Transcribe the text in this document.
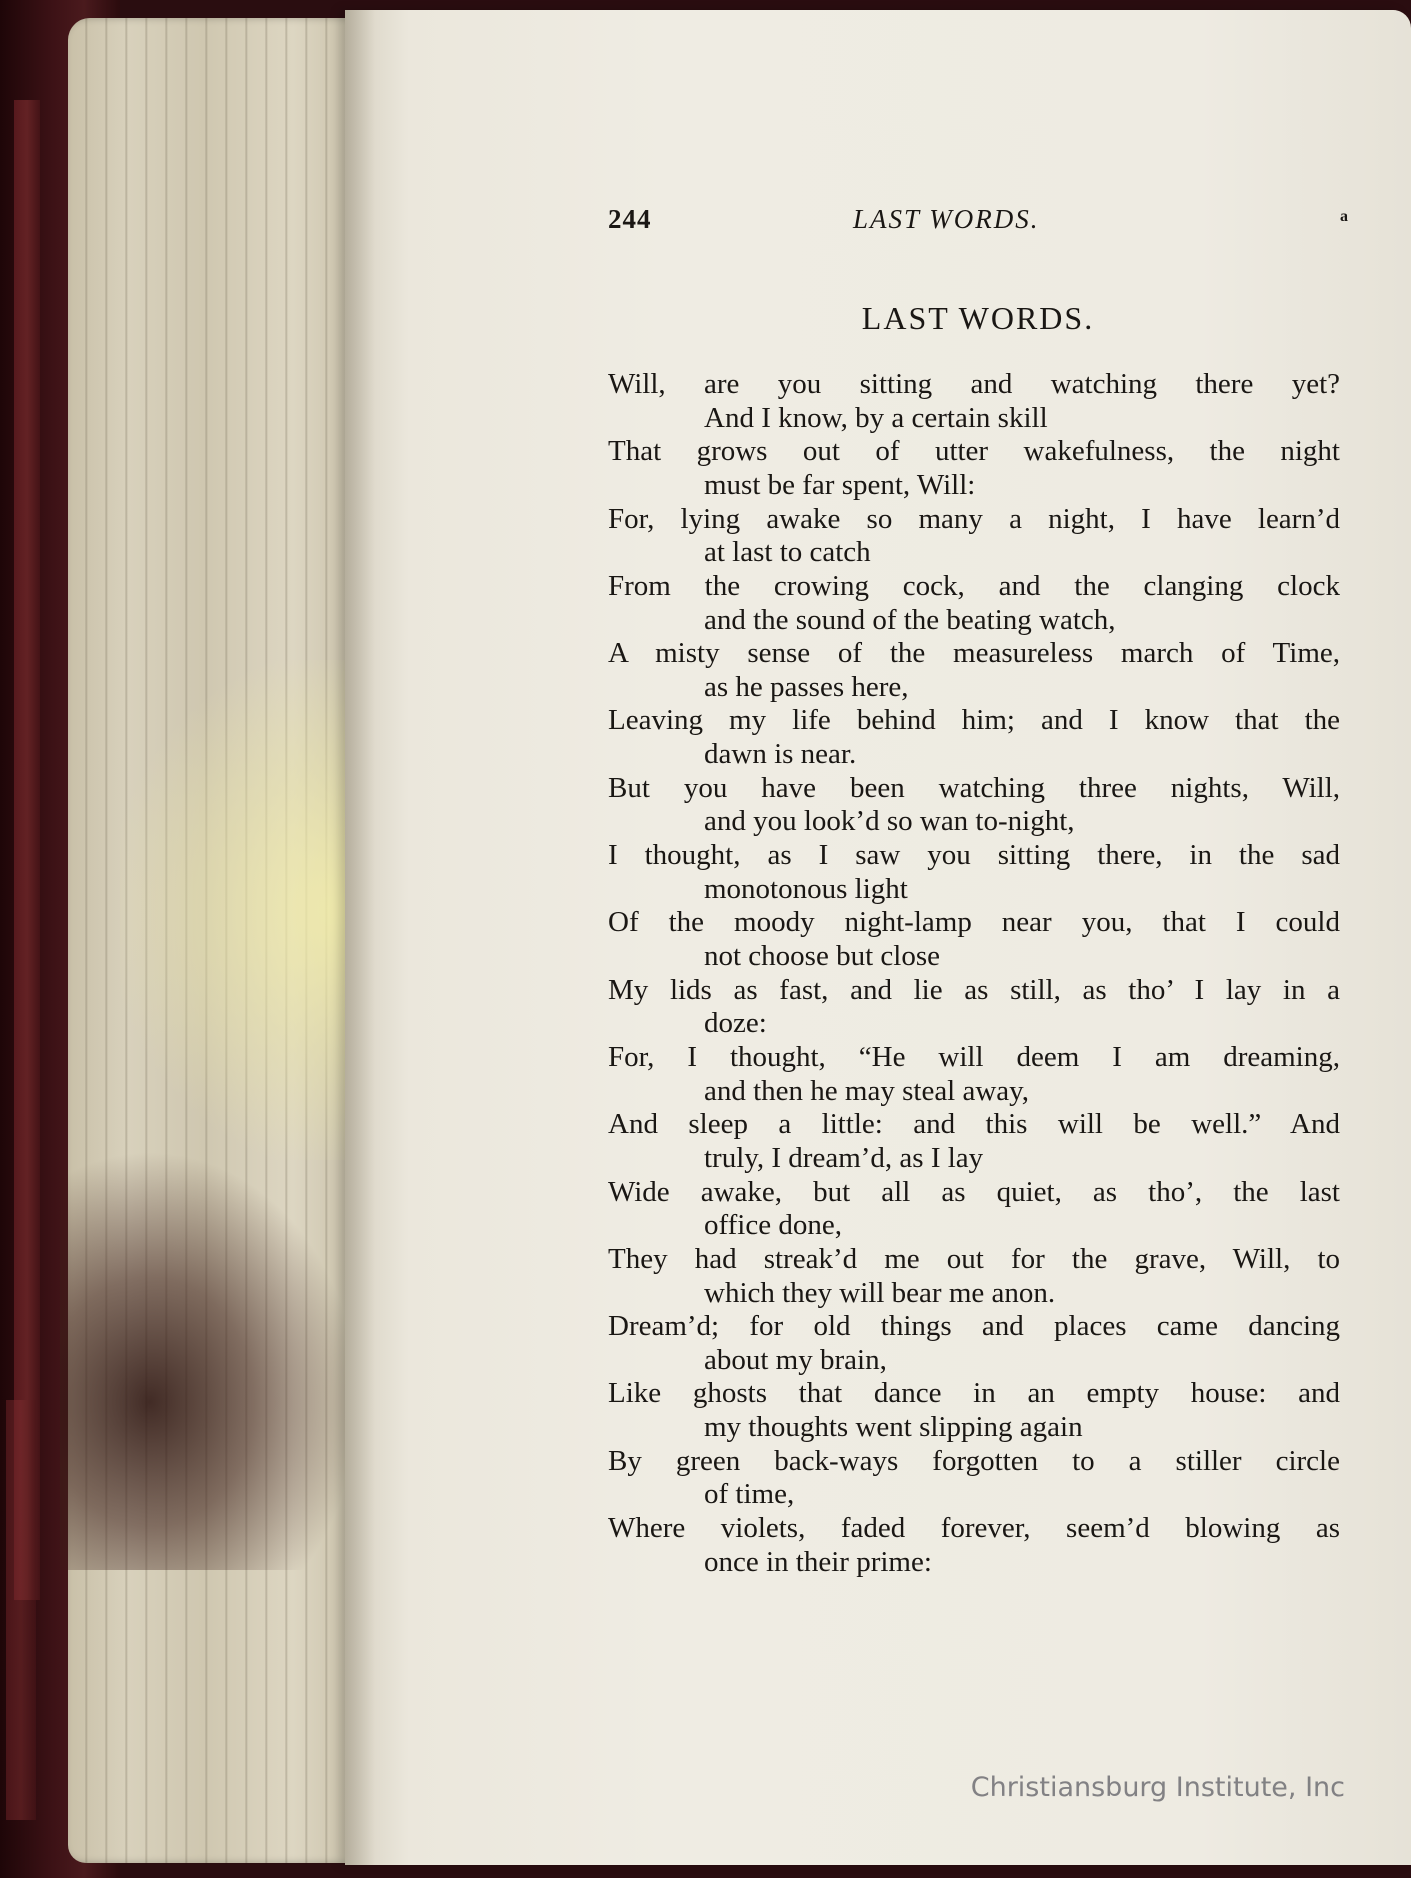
244	LAST WORDS.	a
LAST WORDS.
Will, are you sitting and watching there yet?
And I know, by a certain skill
That grows out of utter wakefulness, the night
must be far spent, Will:
For, lying awake so many a night, I have learn’d
at last to catch
From the crowing cock, and the clanging clock
and the sound of the beating watch,
A misty sense of the measureless march of Time,
as he passes here,
Leaving my life behind him; and I know that the
dawn is near.
But you have been watching three nights, Will,
and you look’d so wan to-night,
I thought, as I saw you sitting there, in the sad
monotonous light
Of the moody night-lamp near you, that I could
not choose but close
My lids as fast, and lie as still, as tho’ I lay in a
doze:
For, I thought, “He will deem I am dreaming,
and then he may steal away,
And sleep a little: and this will be well.” And
truly, I dream’d, as I lay
Wide awake, but all as quiet, as tho’, the last
office done,
They had streak’d me out for the grave, Will, to
which they will bear me anon.
Dream’d; for old things and places came dancing
about my brain,
Like ghosts that dance in an empty house: and
my thoughts went slipping again
By green back-ways forgotten to a stiller circle
of time,
Where violets, faded forever, seem’d blowing as
once in their prime:
Christiansburg Institute, Inc
